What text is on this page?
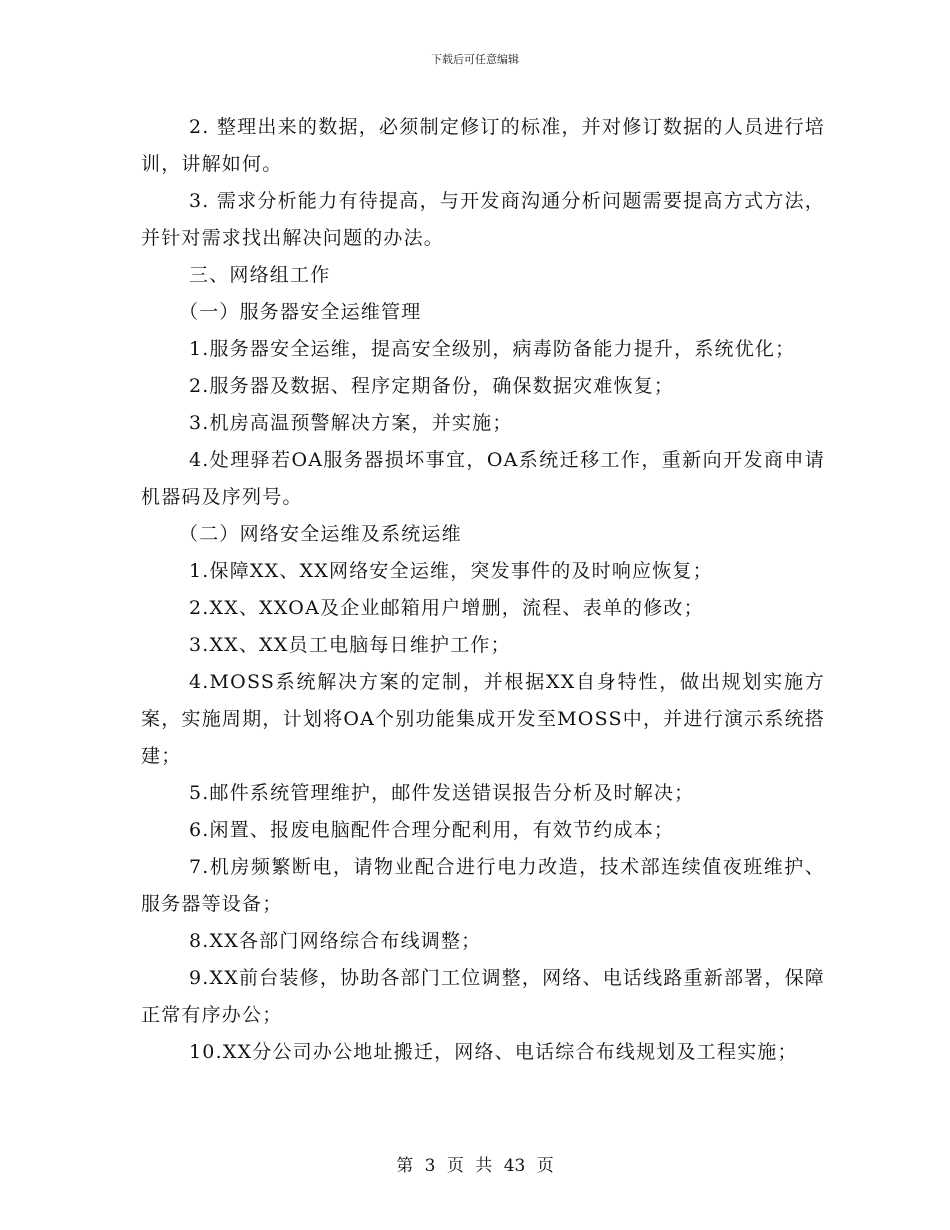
下载后可任意编辑

2. 整理出来的数据，必须制定修订的标准，并对修订数据的人员进行培训，讲解如何。

3. 需求分析能力有待提高，与开发商沟通分析问题需要提高方式方法，并针对需求找出解决问题的办法。

三、网络组工作

（一）服务器安全运维管理

1.服务器安全运维，提高安全级别，病毒防备能力提升，系统优化；

2.服务器及数据、程序定期备份，确保数据灾难恢复；

3.机房高温预警解决方案，并实施；

4.处理驿若OA服务器损坏事宜，OA系统迁移工作，重新向开发商申请机器码及序列号。

（二）网络安全运维及系统运维

1.保障XX、XX网络安全运维，突发事件的及时响应恢复；

2.XX、XXOA及企业邮箱用户增删，流程、表单的修改；

3.XX、XX员工电脑每日维护工作；

4.MOSS系统解决方案的定制，并根据XX自身特性，做出规划实施方案，实施周期，计划将OA个别功能集成开发至MOSS中，并进行演示系统搭建；

5.邮件系统管理维护，邮件发送错误报告分析及时解决；

6.闲置、报废电脑配件合理分配利用，有效节约成本；

7.机房频繁断电，请物业配合进行电力改造，技术部连续值夜班维护、服务器等设备；

8.XX各部门网络综合布线调整；

9.XX前台装修，协助各部门工位调整，网络、电话线路重新部署，保障正常有序办公；

10.XX分公司办公地址搬迁，网络、电话综合布线规划及工程实施；

第 3 页 共 43 页
